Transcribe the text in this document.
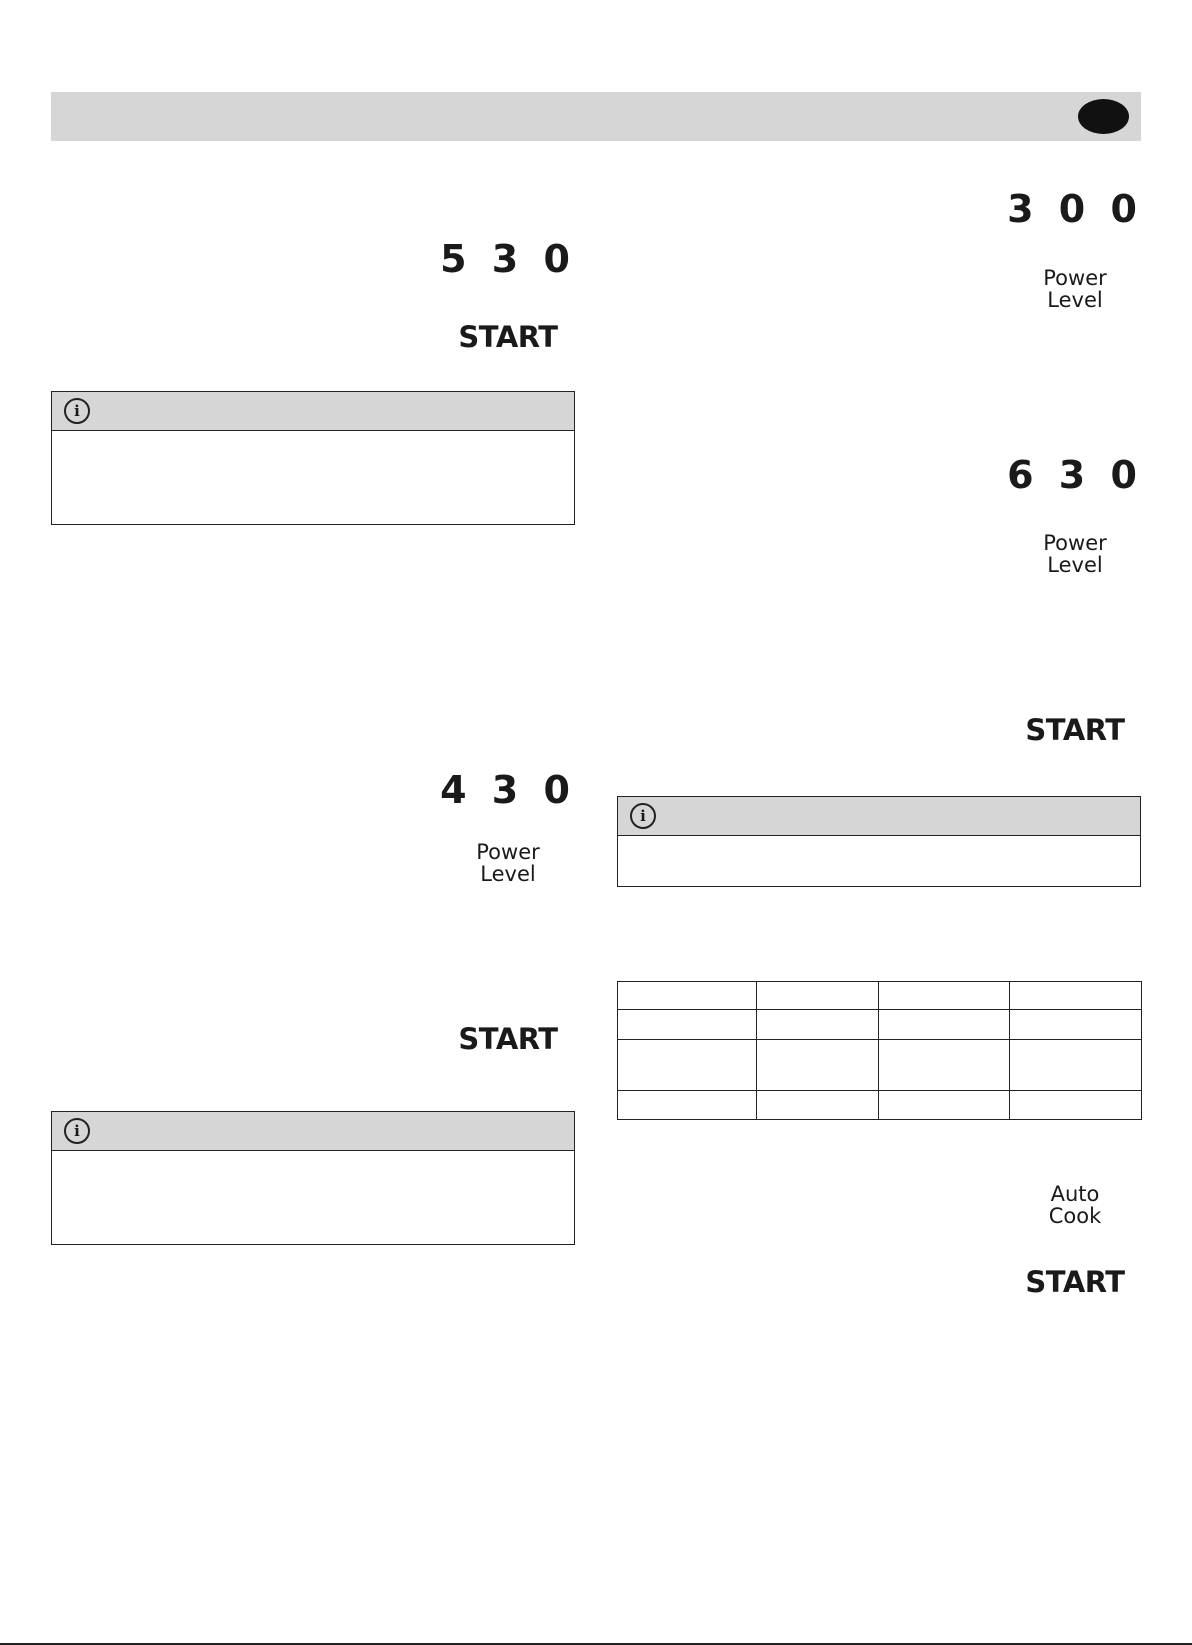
5 3 0
START
i
4 3 0
Power
Level
START
i
3 0 0
Power
Level
6 3 0
Power
Level
START
i

Auto
Cook
START
